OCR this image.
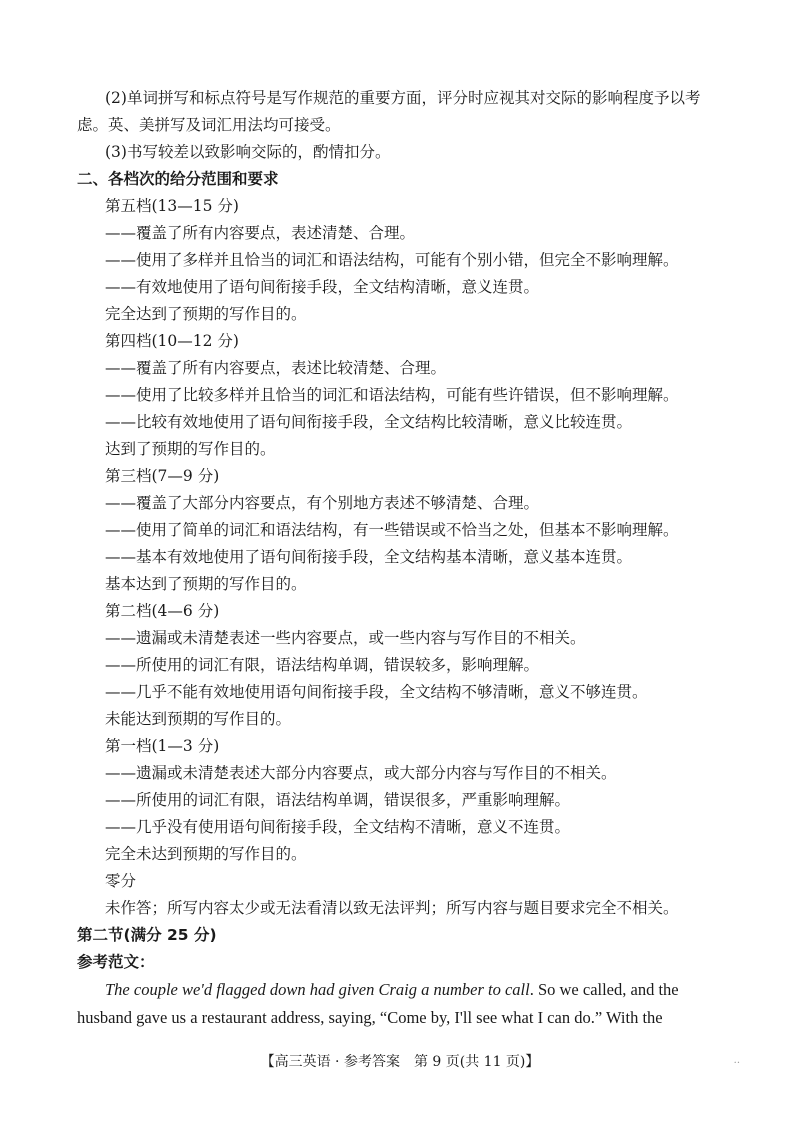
(2)单词拼写和标点符号是写作规范的重要方面，评分时应视其对交际的影响程度予以考
虑。英、美拼写及词汇用法均可接受。
(3)书写较差以致影响交际的，酌情扣分。
二、各档次的给分范围和要求
第五档(13—15 分)
——覆盖了所有内容要点，表述清楚、合理。
——使用了多样并且恰当的词汇和语法结构，可能有个别小错，但完全不影响理解。
——有效地使用了语句间衔接手段，全文结构清晰，意义连贯。
完全达到了预期的写作目的。
第四档(10—12 分)
——覆盖了所有内容要点，表述比较清楚、合理。
——使用了比较多样并且恰当的词汇和语法结构，可能有些许错误，但不影响理解。
——比较有效地使用了语句间衔接手段，全文结构比较清晰，意义比较连贯。
达到了预期的写作目的。
第三档(7—9 分)
——覆盖了大部分内容要点，有个别地方表述不够清楚、合理。
——使用了简单的词汇和语法结构，有一些错误或不恰当之处，但基本不影响理解。
——基本有效地使用了语句间衔接手段，全文结构基本清晰，意义基本连贯。
基本达到了预期的写作目的。
第二档(4—6 分)
——遗漏或未清楚表述一些内容要点，或一些内容与写作目的不相关。
——所使用的词汇有限，语法结构单调，错误较多，影响理解。
——几乎不能有效地使用语句间衔接手段，全文结构不够清晰，意义不够连贯。
未能达到预期的写作目的。
第一档(1—3 分)
——遗漏或未清楚表述大部分内容要点，或大部分内容与写作目的不相关。
——所使用的词汇有限，语法结构单调，错误很多，严重影响理解。
——几乎没有使用语句间衔接手段，全文结构不清晰，意义不连贯。
完全未达到预期的写作目的。
零分
未作答；所写内容太少或无法看清以致无法评判；所写内容与题目要求完全不相关。
第二节(满分 25 分)
参考范文：
The couple we'd flagged down had given Craig a number to call. So we called, and the
husband gave us a restaurant address, saying, “Come by, I'll see what I can do.” With the
【高三英语 · 参考答案　第 9 页(共 11 页)】	··
